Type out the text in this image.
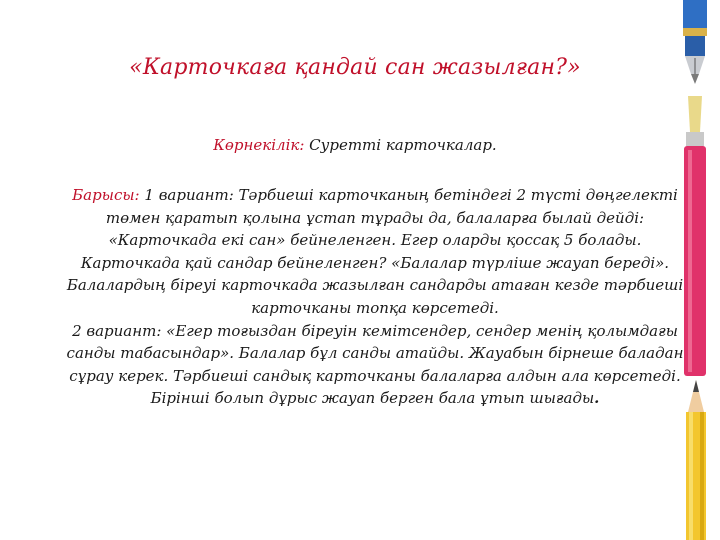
«Карточкаға қандай сан жазылған?»
Көрнекілік: Суретті карточкалар.

Барысы: 1 вариант: Тәрбиеші карточканың бетіндегі 2 түсті дөңгелекті төмен қаратып қолына ұстап тұрады да, балаларға былай дейді: «Карточкада екі сан» бейнеленген. Егер оларды қоссақ 5 болады. Карточкада қай сандар бейнеленген? «Балалар түрліше жауап береді». Балалардың біреуі карточкада жазылған сандарды атаған кезде тәрбиеші карточканы топқа көрсетеді.

2 вариант: «Егер тоғыздан біреуін кемітсендер, сендер менің қолымдағы санды табасындар». Балалар бұл санды атайды. Жауабын бірнеше баладан сұрау керек. Тәрбиеші сандық карточканы балаларға алдын ала көрсетеді.

Бірінші болып дұрыс жауап берген бала ұтып шығады.
